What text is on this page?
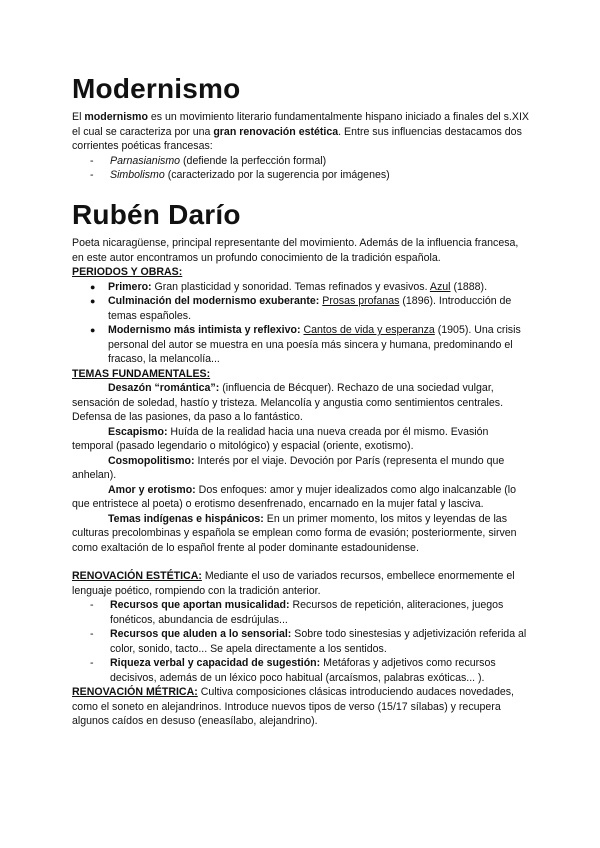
Modernismo

El modernismo es un movimiento literario fundamentalmente hispano iniciado a finales del s.XIX el cual se caracteriza por una gran renovación estética. Entre sus influencias destacamos dos corrientes poéticas francesas:

-	Parnasianismo (defiende la perfección formal)

-	Simbolismo (caracterizado por la sugerencia por imágenes)

Rubén Darío

Poeta nicaragüense, principal representante del movimiento. Además de la influencia francesa, en este autor encontramos un profundo conocimiento de la tradición española.

PERIODOS Y OBRAS:

●	Primero: Gran plasticidad y sonoridad. Temas refinados y evasivos. Azul (1888).

●	Culminación del modernismo exuberante: Prosas profanas (1896). Introducción de temas españoles.

●	Modernismo más intimista y reflexivo: Cantos de vida y esperanza (1905). Una crisis personal del autor se muestra en una poesía más sincera y humana, predominando el fracaso, la melancolía...

TEMAS FUNDAMENTALES:

Desazón “romántica”: (influencia de Bécquer). Rechazo de una sociedad vulgar, sensación de soledad, hastío y tristeza. Melancolía y angustia como sentimientos centrales. Defensa de las pasiones, da paso a lo fantástico.

Escapismo: Huída de la realidad hacia una nueva creada por él mismo. Evasión temporal (pasado legendario o mitológico) y espacial (oriente, exotismo).

Cosmopolitismo: Interés por el viaje. Devoción por París (representa el mundo que anhelan).

Amor y erotismo: Dos enfoques: amor y mujer idealizados como algo inalcanzable (lo que entristece al poeta) o erotismo desenfrenado, encarnado en la mujer fatal y lasciva.

Temas indígenas e hispánicos: En un primer momento, los mitos y leyendas de las culturas precolombinas y española se emplean como forma de evasión; posteriormente, sirven como exaltación de lo español frente al poder dominante estadounidense.

RENOVACIÓN ESTÉTICA: Mediante el uso de variados recursos, embellece enormemente el lenguaje poético, rompiendo con la tradición anterior.

-	Recursos que aportan musicalidad: Recursos de repetición, aliteraciones, juegos fonéticos, abundancia de esdrújulas...

-	Recursos que aluden a lo sensorial: Sobre todo sinestesias y adjetivización referida al color, sonido, tacto... Se apela directamente a los sentidos.

-	Riqueza verbal y capacidad de sugestión: Metáforas y adjetivos como recursos decisivos, además de un léxico poco habitual (arcaísmos, palabras exóticas... ).

RENOVACIÓN MÉTRICA: Cultiva composiciones clásicas introduciendo audaces novedades, como el soneto en alejandrinos. Introduce nuevos tipos de verso (15/17 sílabas) y recupera algunos caídos en desuso (eneasílabo, alejandrino).
